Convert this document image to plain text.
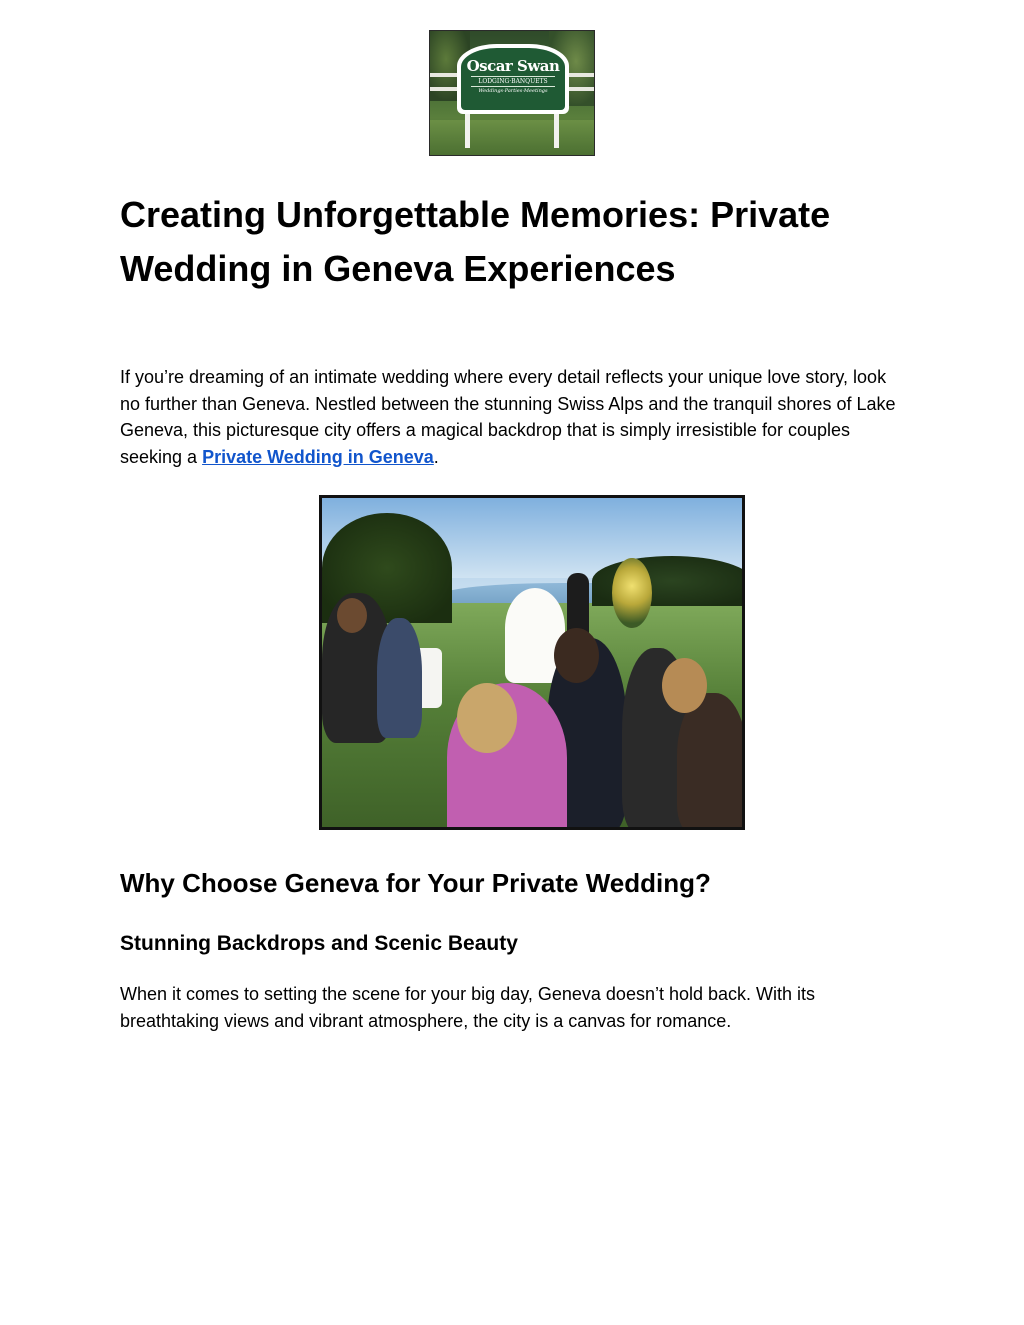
Oscar Swan
LODGING·BANQUETS
Weddings·Parties·Meetings
Creating Unforgettable Memories: Private Wedding in Geneva Experiences

If you’re dreaming of an intimate wedding where every detail reflects your unique love story, look no further than Geneva. Nestled between the stunning Swiss Alps and the tranquil shores of Lake Geneva, this picturesque city offers a magical backdrop that is simply irresistible for couples seeking a Private Wedding in Geneva.

Why Choose Geneva for Your Private Wedding?
Stunning Backdrops and Scenic Beauty

When it comes to setting the scene for your big day, Geneva doesn’t hold back. With its breathtaking views and vibrant atmosphere, the city is a canvas for romance.
